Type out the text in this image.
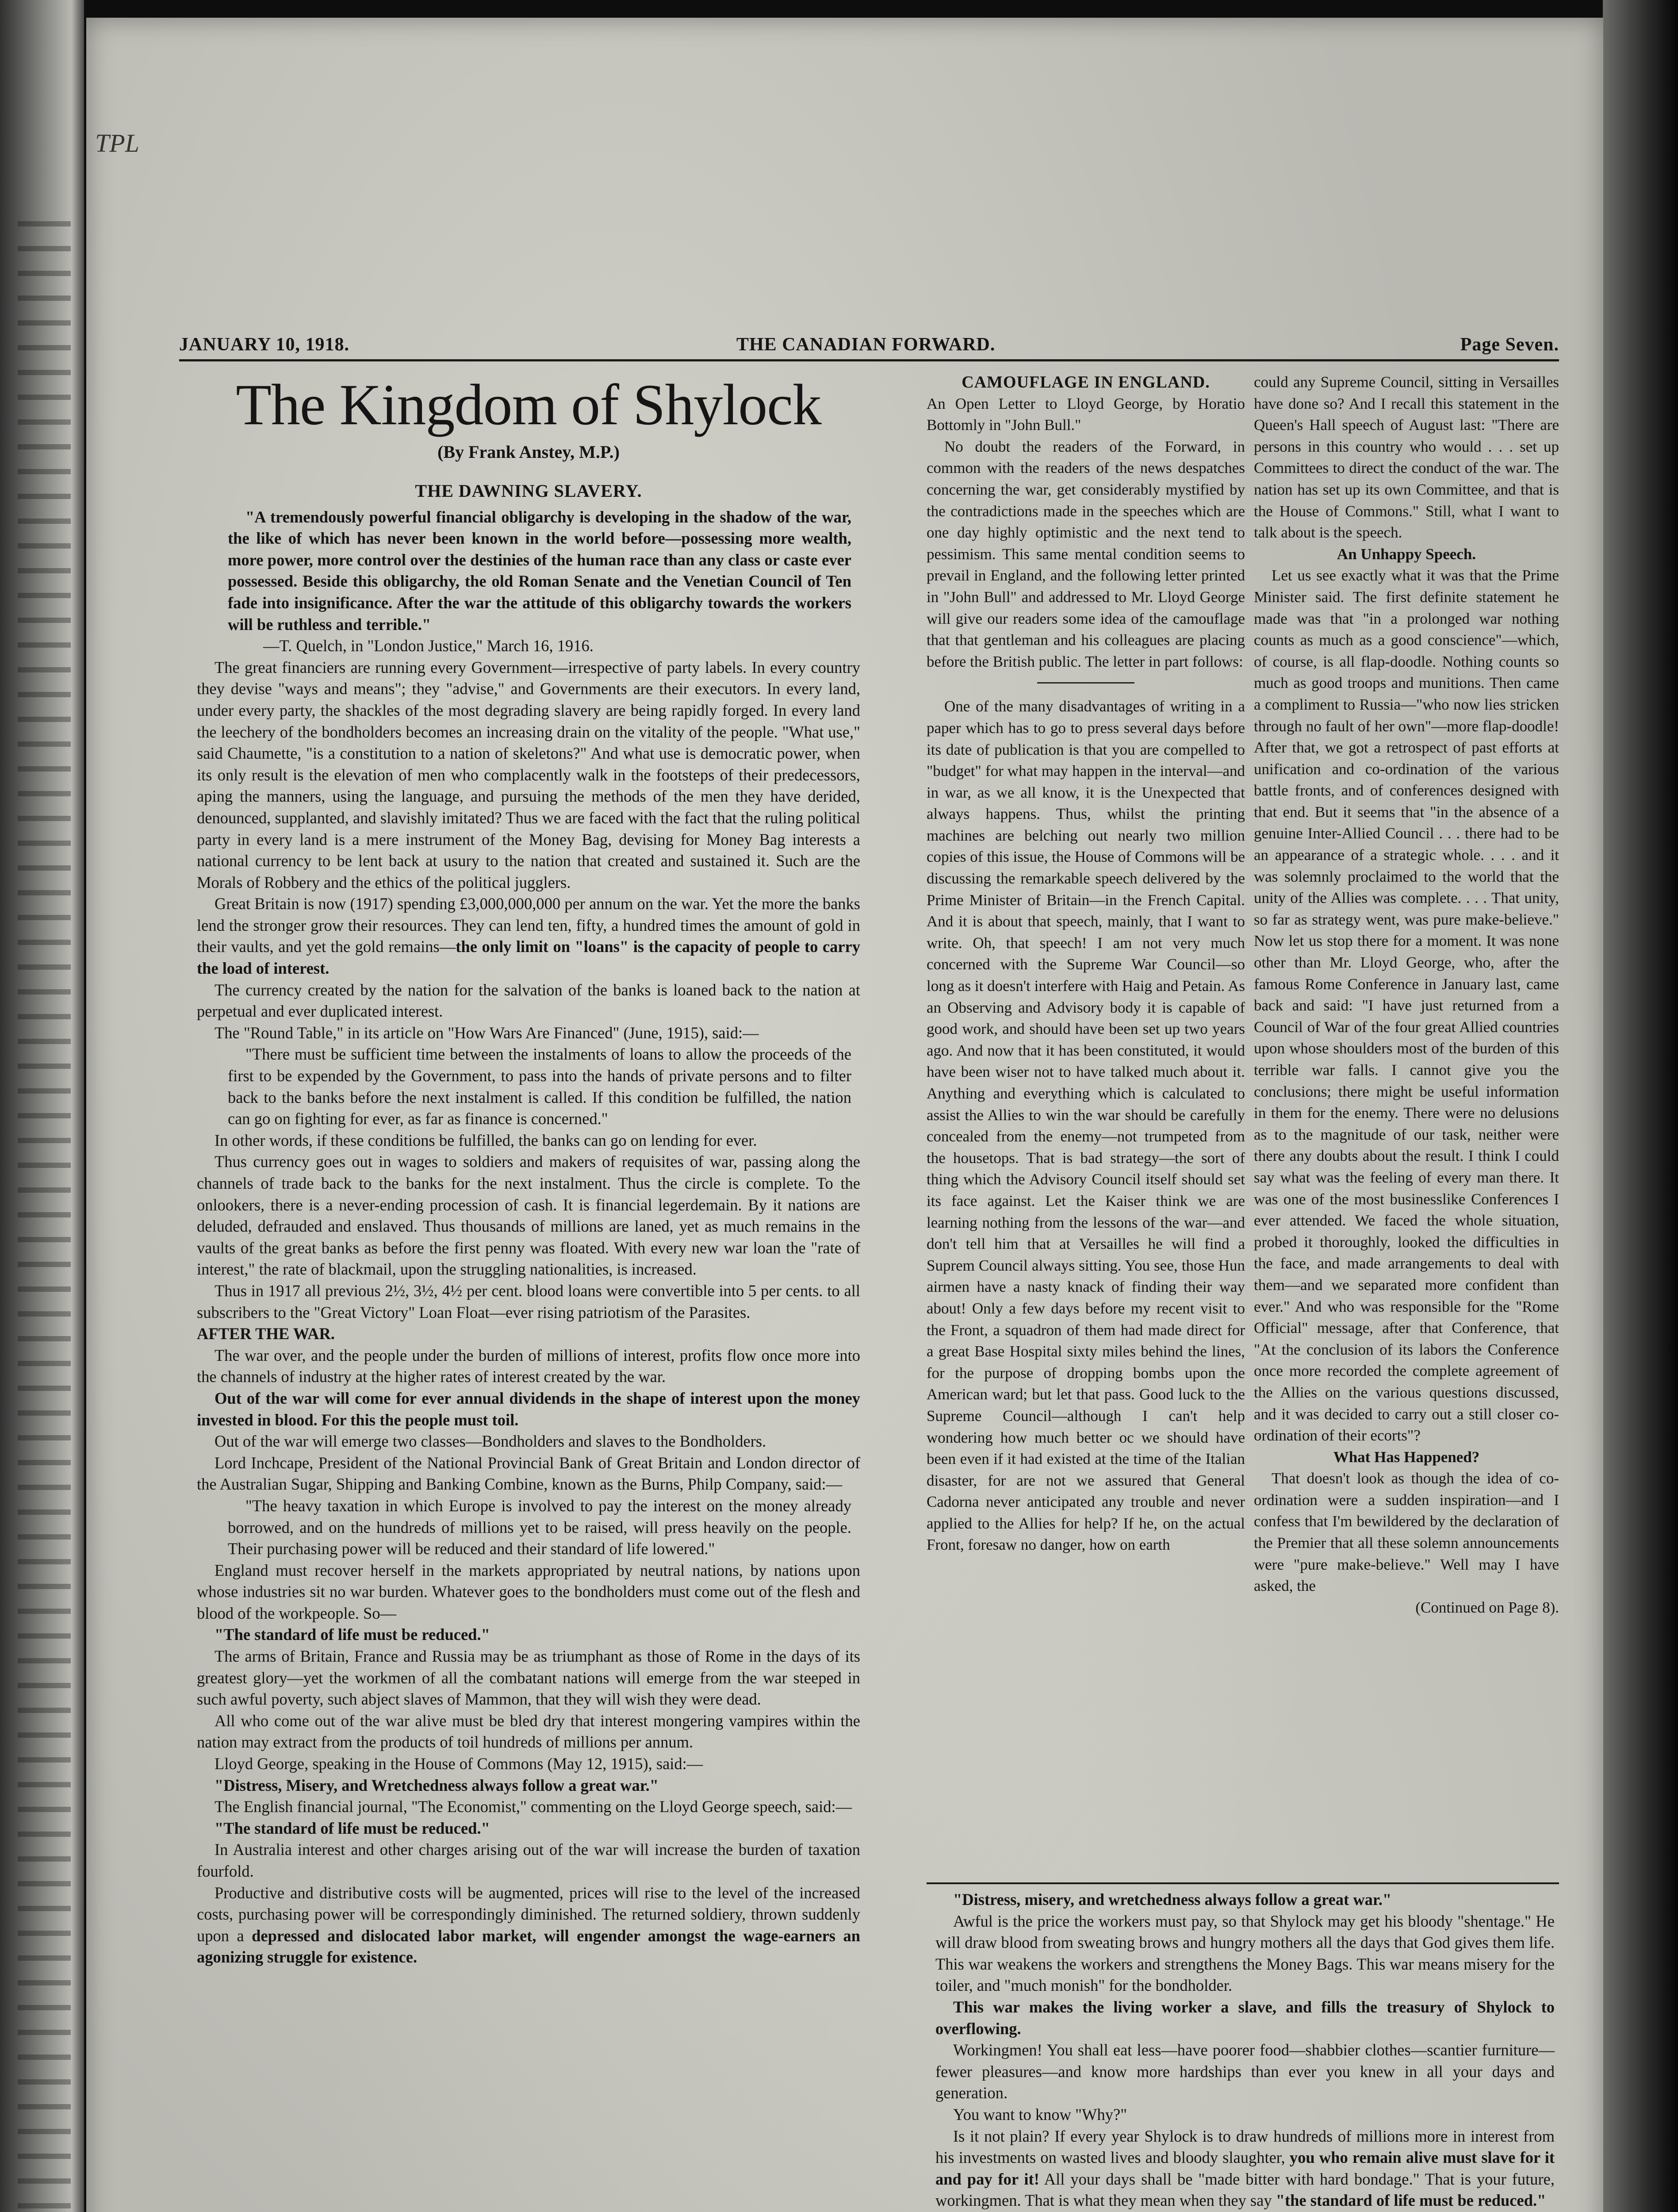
TPL
JANUARY 10, 1918.	THE CANADIAN FORWARD.	Page Seven.
The Kingdom of Shylock
(By Frank Anstey, M.P.)
THE DAWNING SLAVERY.

"A tremendously powerful financial obligarchy is developing in the shadow of the war, the like of which has never been known in the world before—possessing more wealth, more power, more control over the destinies of the human race than any class or caste ever possessed. Beside this obligarchy, the old Roman Senate and the Venetian Council of Ten fade into insignificance. After the war the attitude of this obligarchy towards the workers will be ruthless and terrible."

—T. Quelch, in "London Justice," March 16, 1916.

The great financiers are running every Government—irrespective of party labels. In every country they devise "ways and means"; they "advise," and Governments are their executors. In every land, under every party, the shackles of the most degrading slavery are being rapidly forged. In every land the leechery of the bondholders becomes an increasing drain on the vitality of the people. "What use," said Chaumette, "is a constitution to a nation of skeletons?" And what use is democratic power, when its only result is the elevation of men who complacently walk in the footsteps of their predecessors, aping the manners, using the language, and pursuing the methods of the men they have derided, denounced, supplanted, and slavishly imitated? Thus we are faced with the fact that the ruling political party in every land is a mere instrument of the Money Bag, devising for Money Bag interests a national currency to be lent back at usury to the nation that created and sustained it. Such are the Morals of Robbery and the ethics of the political jugglers.

Great Britain is now (1917) spending £3,000,000,000 per annum on the war. Yet the more the banks lend the stronger grow their resources. They can lend ten, fifty, a hundred times the amount of gold in their vaults, and yet the gold remains—the only limit on "loans" is the capacity of people to carry the load of interest.

The currency created by the nation for the salvation of the banks is loaned back to the nation at perpetual and ever duplicated interest.

The "Round Table," in its article on "How Wars Are Financed" (June, 1915), said:—

"There must be sufficient time between the instalments of loans to allow the proceeds of the first to be expended by the Government, to pass into the hands of private persons and to filter back to the banks before the next instalment is called. If this condition be fulfilled, the nation can go on fighting for ever, as far as finance is concerned."

In other words, if these conditions be fulfilled, the banks can go on lending for ever.

Thus currency goes out in wages to soldiers and makers of requisites of war, passing along the channels of trade back to the banks for the next instalment. Thus the circle is complete. To the onlookers, there is a never-ending procession of cash. It is financial legerdemain. By it nations are deluded, defrauded and enslaved. Thus thousands of millions are laned, yet as much remains in the vaults of the great banks as before the first penny was floated. With every new war loan the "rate of interest," the rate of blackmail, upon the struggling nationalities, is increased.

Thus in 1917 all previous 2½, 3½, 4½ per cent. blood loans were convertible into 5 per cents. to all subscribers to the "Great Victory" Loan Float—ever rising patriotism of the Parasites.

AFTER THE WAR.

The war over, and the people under the burden of millions of interest, profits flow once more into the channels of industry at the higher rates of interest created by the war.

Out of the war will come for ever annual dividends in the shape of interest upon the money invested in blood. For this the people must toil.

Out of the war will emerge two classes—Bondholders and slaves to the Bondholders.

Lord Inchcape, President of the National Provincial Bank of Great Britain and London director of the Australian Sugar, Shipping and Banking Combine, known as the Burns, Philp Company, said:—

"The heavy taxation in which Europe is involved to pay the interest on the money already borrowed, and on the hundreds of millions yet to be raised, will press heavily on the people. Their purchasing power will be reduced and their standard of life lowered."

England must recover herself in the markets appropriated by neutral nations, by nations upon whose industries sit no war burden. Whatever goes to the bondholders must come out of the flesh and blood of the workpeople. So—

"The standard of life must be reduced."

The arms of Britain, France and Russia may be as triumphant as those of Rome in the days of its greatest glory—yet the workmen of all the combatant nations will emerge from the war steeped in such awful poverty, such abject slaves of Mammon, that they will wish they were dead.

All who come out of the war alive must be bled dry that interest mongering vampires within the nation may extract from the products of toil hundreds of millions per annum.

Lloyd George, speaking in the House of Commons (May 12, 1915), said:—

"Distress, Misery, and Wretchedness always follow a great war."

The English financial journal, "The Economist," commenting on the Lloyd George speech, said:—

"The standard of life must be reduced."

In Australia interest and other charges arising out of the war will increase the burden of taxation fourfold.

Productive and distributive costs will be augmented, prices will rise to the level of the increased costs, purchasing power will be correspondingly diminished. The returned soldiery, thrown suddenly upon a depressed and dislocated labor market, will engender amongst the wage-earners an agonizing struggle for existence.

CAMOUFLAGE IN ENGLAND.

An Open Letter to Lloyd George, by Horatio Bottomly in "John Bull."

No doubt the readers of the Forward, in common with the readers of the news despatches concerning the war, get considerably mystified by the contradictions made in the speeches which are one day highly optimistic and the next tend to pessimism. This same mental condition seems to prevail in England, and the following letter printed in "John Bull" and addressed to Mr. Lloyd George will give our readers some idea of the camouflage that that gentleman and his colleagues are placing before the British public. The letter in part follows:

One of the many disadvantages of writing in a paper which has to go to press several days before its date of publication is that you are compelled to "budget" for what may happen in the interval—and in war, as we all know, it is the Unexpected that always happens. Thus, whilst the printing machines are belching out nearly two million copies of this issue, the House of Commons will be discussing the remarkable speech delivered by the Prime Minister of Britain—in the French Capital. And it is about that speech, mainly, that I want to write. Oh, that speech! I am not very much concerned with the Supreme War Council—so long as it doesn't interfere with Haig and Petain. As an Observing and Advisory body it is capable of good work, and should have been set up two years ago. And now that it has been constituted, it would have been wiser not to have talked much about it. Anything and everything which is calculated to assist the Allies to win the war should be carefully concealed from the enemy—not trumpeted from the housetops. That is bad strategy—the sort of thing which the Advisory Council itself should set its face against. Let the Kaiser think we are learning nothing from the lessons of the war—and don't tell him that at Versailles he will find a Suprem Council always sitting. You see, those Hun airmen have a nasty knack of finding their way about! Only a few days before my recent visit to the Front, a squadron of them had made direct for a great Base Hospital sixty miles behind the lines, for the purpose of dropping bombs upon the American ward; but let that pass. Good luck to the Supreme Council—although I can't help wondering how much better oc we should have been even if it had existed at the time of the Italian disaster, for are not we assured that General Cadorna never anticipated any trouble and never applied to the Allies for help? If he, on the actual Front, foresaw no danger, how on earth

could any Supreme Council, sitting in Versailles have done so? And I recall this statement in the Queen's Hall speech of August last: "There are persons in this country who would . . . set up Committees to direct the conduct of the war. The nation has set up its own Committee, and that is the House of Commons." Still, what I want to talk about is the speech.

An Unhappy Speech.

Let us see exactly what it was that the Prime Minister said. The first definite statement he made was that "in a prolonged war nothing counts as much as a good conscience"—which, of course, is all flap-doodle. Nothing counts so much as good troops and munitions. Then came a compliment to Russia—"who now lies stricken through no fault of her own"—more flap-doodle! After that, we got a retrospect of past efforts at unification and co-ordination of the various battle fronts, and of conferences designed with that end. But it seems that "in the absence of a genuine Inter-Allied Council . . . there had to be an appearance of a strategic whole. . . . and it was solemnly proclaimed to the world that the unity of the Allies was complete. . . . That unity, so far as strategy went, was pure make-believe." Now let us stop there for a moment. It was none other than Mr. Lloyd George, who, after the famous Rome Conference in January last, came back and said: "I have just returned from a Council of War of the four great Allied countries upon whose shoulders most of the burden of this terrible war falls. I cannot give you the conclusions; there might be useful information in them for the enemy. There were no delusions as to the magnitude of our task, neither were there any doubts about the result. I think I could say what was the feeling of every man there. It was one of the most businesslike Conferences I ever attended. We faced the whole situation, probed it thoroughly, looked the difficulties in the face, and made arrangements to deal with them—and we separated more confident than ever." And who was responsible for the "Rome Official" message, after that Conference, that "At the conclusion of its labors the Conference once more recorded the complete agreement of the Allies on the various questions discussed, and it was decided to carry out a still closer co-ordination of their ecorts"?

What Has Happened?

That doesn't look as though the idea of co-ordination were a sudden inspiration—and I confess that I'm bewildered by the declaration of the Premier that all these solemn announcements were "pure make-believe." Well may I have asked, the

(Continued on Page 8).

"Distress, misery, and wretchedness always follow a great war."

Awful is the price the workers must pay, so that Shylock may get his bloody "shentage." He will draw blood from sweating brows and hungry mothers all the days that God gives them life. This war weakens the workers and strengthens the Money Bags. This war means misery for the toiler, and "much monish" for the bondholder.

This war makes the living worker a slave, and fills the treasury of Shylock to overflowing.

Workingmen! You shall eat less—have poorer food—shabbier clothes—scantier furniture—fewer pleasures—and know more hardships than ever you knew in all your days and generation.

You want to know "Why?"

Is it not plain? If every year Shylock is to draw hundreds of millions more in interest from his investments on wasted lives and bloody slaughter, you who remain alive must slave for it and pay for it! All your days shall be "made bitter with hard bondage." That is your future, workingmen. That is what they mean when they say "the standard of life must be reduced."
